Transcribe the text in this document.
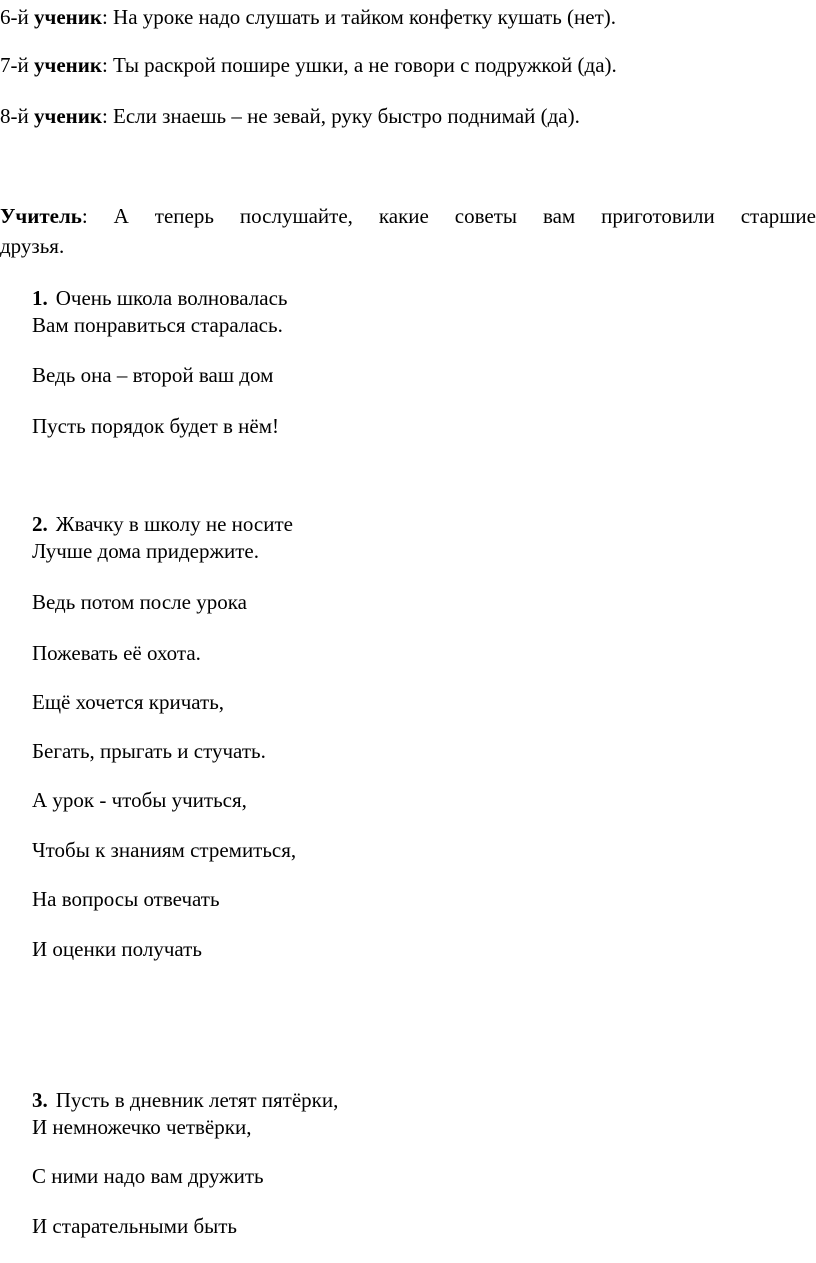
6-й ученик: На уроке надо слушать и тайком конфетку кушать (нет).
7-й ученик: Ты раскрой пошире ушки, а не говори с подружкой (да).
8-й ученик: Если знаешь – не зевай, руку быстро поднимай (да).
Учитель: А теперь послушайте, какие советы вам приготовили старшие
друзья.
1. Очень школа волновалась
Вам понравиться старалась.
Ведь она – второй ваш дом
Пусть порядок будет в нём!
2. Жвачку в школу не носите
Лучше дома придержите.
Ведь потом после урока
Пожевать её охота.
Ещё хочется кричать,
Бегать, прыгать и стучать.
А урок - чтобы учиться,
Чтобы к знаниям стремиться,
На вопросы отвечать
И оценки получать
3. Пусть в дневник летят пятёрки,
И немножечко четвёрки,
С ними надо вам дружить
И старательными быть
